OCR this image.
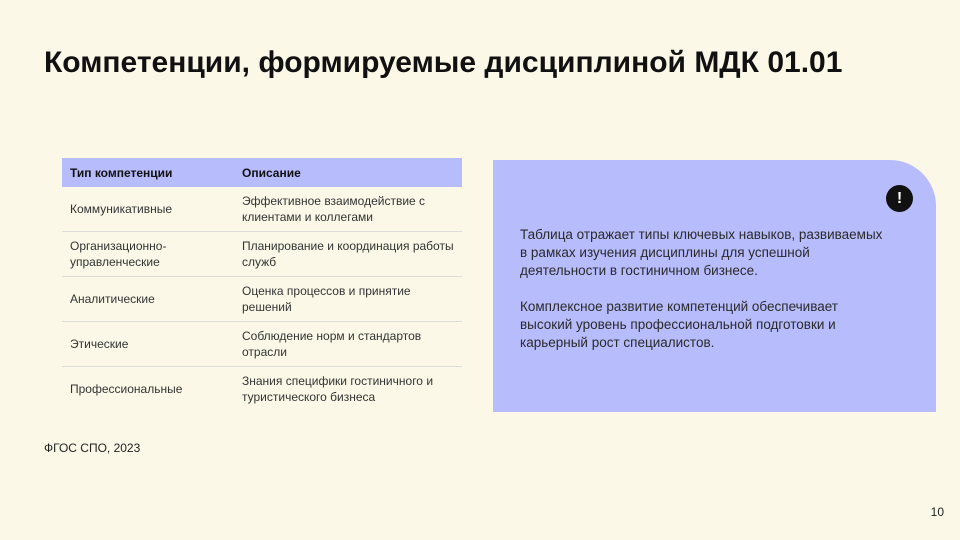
Компетенции, формируемые дисциплиной МДК 01.01
Тип компетенции	Описание
Коммуникативные	Эффективное взаимодействие с клиентами и коллегами
Организационно-управленческие	Планирование и координация работы служб
Аналитические	Оценка процессов и принятие решений
Этические	Соблюдение норм и стандартов отрасли
Профессиональные	Знания специфики гостиничного и туристического бизнеса
ФГОС СПО, 2023
!

Таблица отражает типы ключевых навыков, развиваемых в рамках изучения дисциплины для успешной деятельности в гостиничном бизнесе.

Комплексное развитие компетенций обеспечивает высокий уровень профессиональной подготовки и карьерный рост специалистов.

10
